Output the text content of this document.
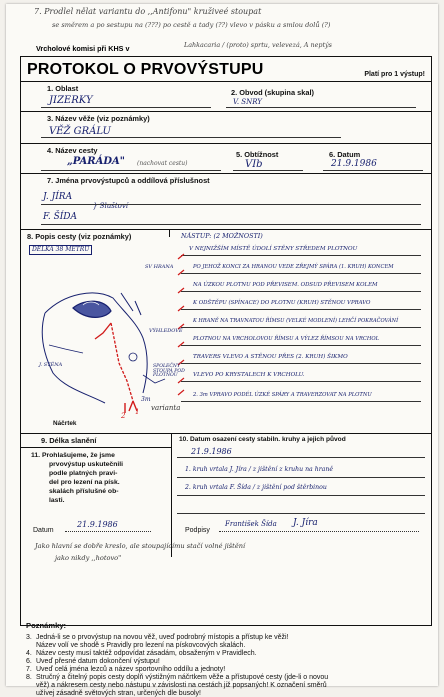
7. Prodlel nělat variantu do ,,Antifonu" kruživeé stoupat
se směrem a po sestupu na (???) po cestě a tady (??) vlevo v pásku a smlou dolů (?)
Vrcholové komisi při KHS v	Lahkacaria / (proto) sprtu, velevezá, A neptýs
PROTOKOL O PRVOVÝSTUPU	Platí pro 1 výstup!
1. Oblast
JIZERKY
2. Obvod (skupina skal)
V. SNRY
3. Název věže (viz poznámky)
VĚŽ GRÁLU
4. Název cesty
„PARÁDA" (nachovat cestu)
5. Obtížnost
VIb
6. Datum
21.9.1986
7. Jména prvovýstupců a oddílová příslušnost
J. JÍRA
F. ŠÍDA
} Sluštoví
8. Popis cesty (viz poznámky)
DÉLKA 38 METRŮ
NÁSTUP: (2 MOŽNOSTI)
V NEJNIŽŠÍM MÍSTĚ ÚDOLÍ STĚNY STŘEDEM PLOTNOU
PO JEHOŽ KONCI ZA HRANOU VEDE ZŘEJMÝ SPÁRA (1. KRUH) KONCEM
NA ÚZKOU PLOTNU POD PŘEVISEM. ODSUD PŘEVISEM KOLEM
K ODŠTĚPU (SPÍNACE) DO PLOTNU (KRUH) STĚNOU VPRAVO
K HRANĚ NA TRAVNATOU ŘÍMSU (VELKÉ MODLENÍ) LEHČÍ POKRAČOVÁNÍ
PLOTNOU NA VRCHOLOVOU ŘÍMSU A VÝLEZ ŘÍMSOU NA VRCHOL
TRAVERS VLEVO A STĚNOU PŘES (2. KRUH) ŠIKMO
VLEVO PO KRYSTALECH K VRCHOLU.
2. 3m VPRAVO PODÉL ÚZKÉ SPÁRY A TRAVERZOVAT NA PLOTNU
SV HRANA
VÝHLEDOVÉ
J. STĚNA	SPOLEČNÝ STOUPÁ POD PLOTNOU
1
2
3m
varianta
Náčrtek
9. Délka slanění	10. Datum osazení cesty stabiln. kruhy a jejich původ
21.9.1986
1. kruh vrtala J. Jíra / z jištění z kruhu na hraně
2. kruh vrtala F. Šída / z jištění pod štěrbinou
11. Prohlašujeme, že jsme
prvovýstup uskutečnili
podle platných pravi-
del pro lezení na písk.
skalách příslušné ob-
lasti.
Datum
21.9.1986
Podpisy
František Šída J. Jíra
Jako hlavní se dobře kreslo, ale stoupajícímu stačí volné jištění
jako nikdy ,,hotovo"
Poznámky:
3. Jedná-li se o prvovýstup na novou věž, uveď podrobný místopis a přístup ke věži!
Název volí ve shodě s Pravidly pro lezení na pískovcových skalách.
4. Název cesty musí taktéž odpovídat zásadám, obsaženým v Pravidlech.
6. Uveď přesné datum dokončení výstupu!
7. Uveď celá jména lezců a název sportovního oddílu a jednoty!
8. Stručný a čitelný popis cesty doplň výstižným náčrtkem věže a přístupové cesty (jde-li o novou
věž) a nákresem cesty nebo nástupu v závislosti na cestách již popsaných! K označení směrů
užívej zásadně světových stran, určených dle busoly!
